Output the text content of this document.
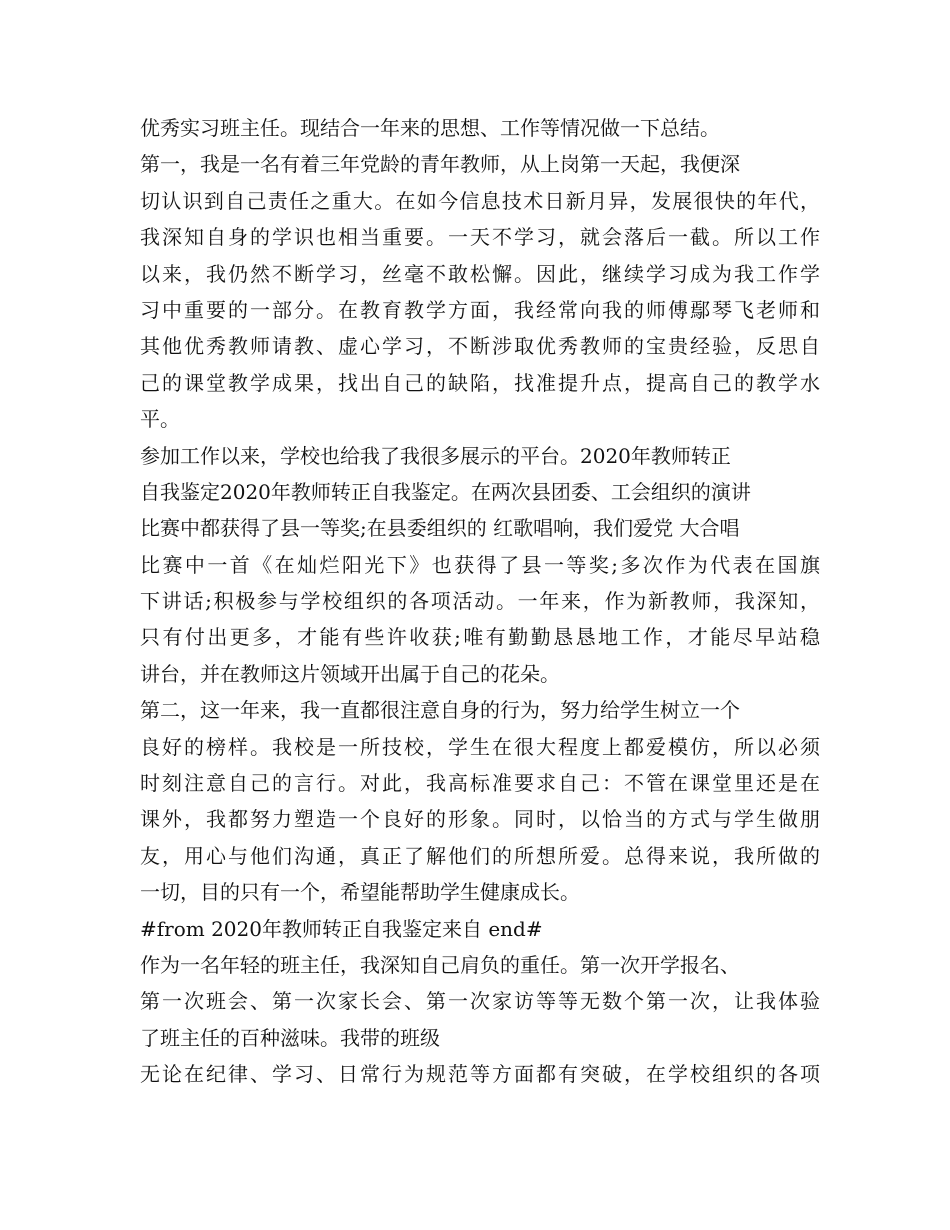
优秀实习班主任。现结合一年来的思想、工作等情况做一下总结。
第一，我是一名有着三年党龄的青年教师，从上岗第一天起，我便深
切认识到自己责任之重大。在如今信息技术日新月异，发展很快的年代，
我深知自身的学识也相当重要。一天不学习，就会落后一截。所以工作
以来，我仍然不断学习，丝毫不敢松懈。因此，继续学习成为我工作学
习中重要的一部分。在教育教学方面，我经常向我的师傅鄢琴飞老师和
其他优秀教师请教、虚心学习，不断涉取优秀教师的宝贵经验，反思自
己的课堂教学成果，找出自己的缺陷，找准提升点，提高自己的教学水
平。
参加工作以来，学校也给我了我很多展示的平台。2020年教师转正
自我鉴定2020年教师转正自我鉴定。在两次县团委、工会组织的演讲
比赛中都获得了县一等奖;在县委组织的 红歌唱响，我们爱党 大合唱
比赛中一首《在灿烂阳光下》也获得了县一等奖;多次作为代表在国旗
下讲话;积极参与学校组织的各项活动。一年来，作为新教师，我深知，
只有付出更多，才能有些许收获;唯有勤勤恳恳地工作，才能尽早站稳
讲台，并在教师这片领域开出属于自己的花朵。
第二，这一年来，我一直都很注意自身的行为，努力给学生树立一个
良好的榜样。我校是一所技校，学生在很大程度上都爱模仿，所以必须
时刻注意自己的言行。对此，我高标准要求自己：不管在课堂里还是在
课外，我都努力塑造一个良好的形象。同时，以恰当的方式与学生做朋
友，用心与他们沟通，真正了解他们的所想所爱。总得来说，我所做的
一切，目的只有一个，希望能帮助学生健康成长。
#from 2020年教师转正自我鉴定来自 end#
作为一名年轻的班主任，我深知自己肩负的重任。第一次开学报名、
第一次班会、第一次家长会、第一次家访等等无数个第一次，让我体验
了班主任的百种滋味。我带的班级
无论在纪律、学习、日常行为规范等方面都有突破，在学校组织的各项
